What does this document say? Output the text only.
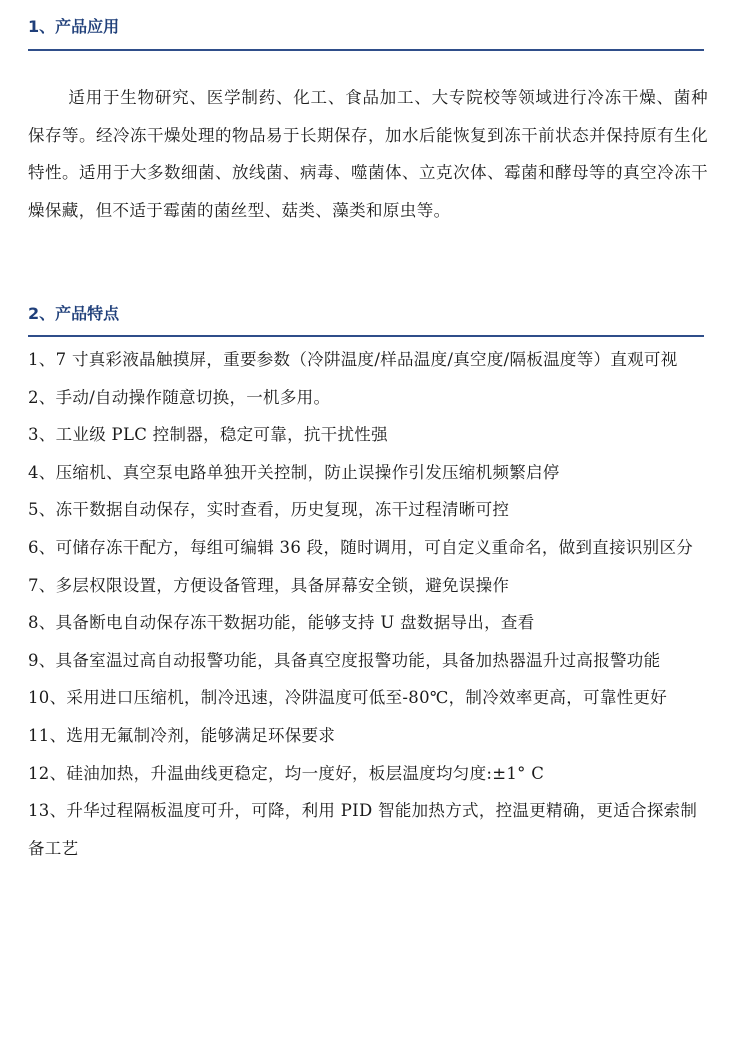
1、产品应用

适用于生物研究、医学制药、化工、食品加工、大专院校等领域进行冷冻干燥、菌种保存等。经冷冻干燥处理的物品易于长期保存，加水后能恢复到冻干前状态并保持原有生化特性。适用于大多数细菌、放线菌、病毒、噬菌体、立克次体、霉菌和酵母等的真空冷冻干燥保藏，但不适于霉菌的菌丝型、菇类、藻类和原虫等。

2、产品特点
1、7 寸真彩液晶触摸屏，重要参数（冷阱温度/样品温度/真空度/隔板温度等）直观可视
2、手动/自动操作随意切换，一机多用。
3、工业级 PLC 控制器，稳定可靠，抗干扰性强
4、压缩机、真空泵电路单独开关控制，防止误操作引发压缩机频繁启停
5、冻干数据自动保存，实时查看，历史复现，冻干过程清晰可控
6、可储存冻干配方，每组可编辑 36 段，随时调用，可自定义重命名，做到直接识别区分
7、多层权限设置，方便设备管理，具备屏幕安全锁，避免误操作
8、具备断电自动保存冻干数据功能，能够支持 U 盘数据导出，查看
9、具备室温过高自动报警功能，具备真空度报警功能，具备加热器温升过高报警功能
10、采用进口压缩机，制冷迅速，冷阱温度可低至-80℃，制冷效率更高，可靠性更好
11、选用无氟制冷剂，能够满足环保要求
12、硅油加热，升温曲线更稳定，均一度好，板层温度均匀度:±1° C
13、升华过程隔板温度可升，可降，利用 PID 智能加热方式，控温更精确，更适合探索制备工艺
